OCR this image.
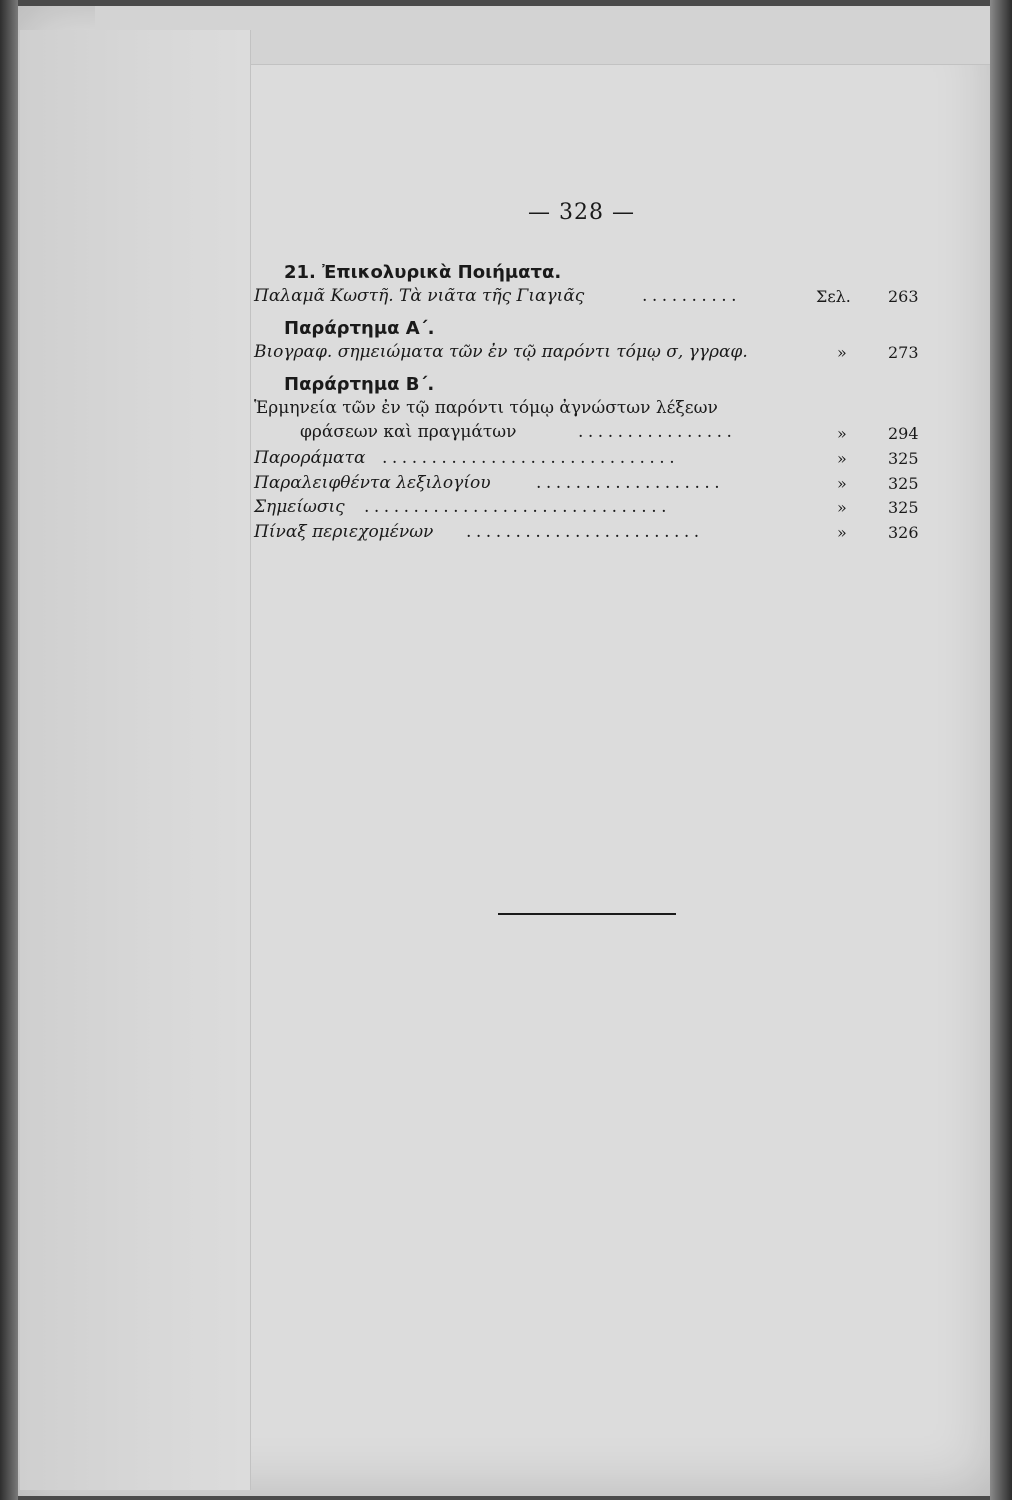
— 328 —
21. Ἐπικολυρικὰ Ποιήματα.
Παλαμᾶ Κωστῆ. Τὰ νιᾶτα τῆς Γιαγιᾶς	..........	Σελ. 263
Παράρτημα Α΄.
Βιογραφ. σημειώματα τῶν ἐν τῷ παρόντι τόμῳ σ, γγραφ.	»	273
Παράρτημα Β΄.
Ἑρμηνεία τῶν ἐν τῷ παρόντι τόμῳ ἀγνώστων λέξεων
φράσεων καὶ πραγμάτων	................	»	294
Παροράματα ..............................	»	325
Παραλειφθέντα λεξιλογίου	...................	»	325
Σημείωσις ...............................	»	325
Πίναξ περιεχομένων ........................	»	326
